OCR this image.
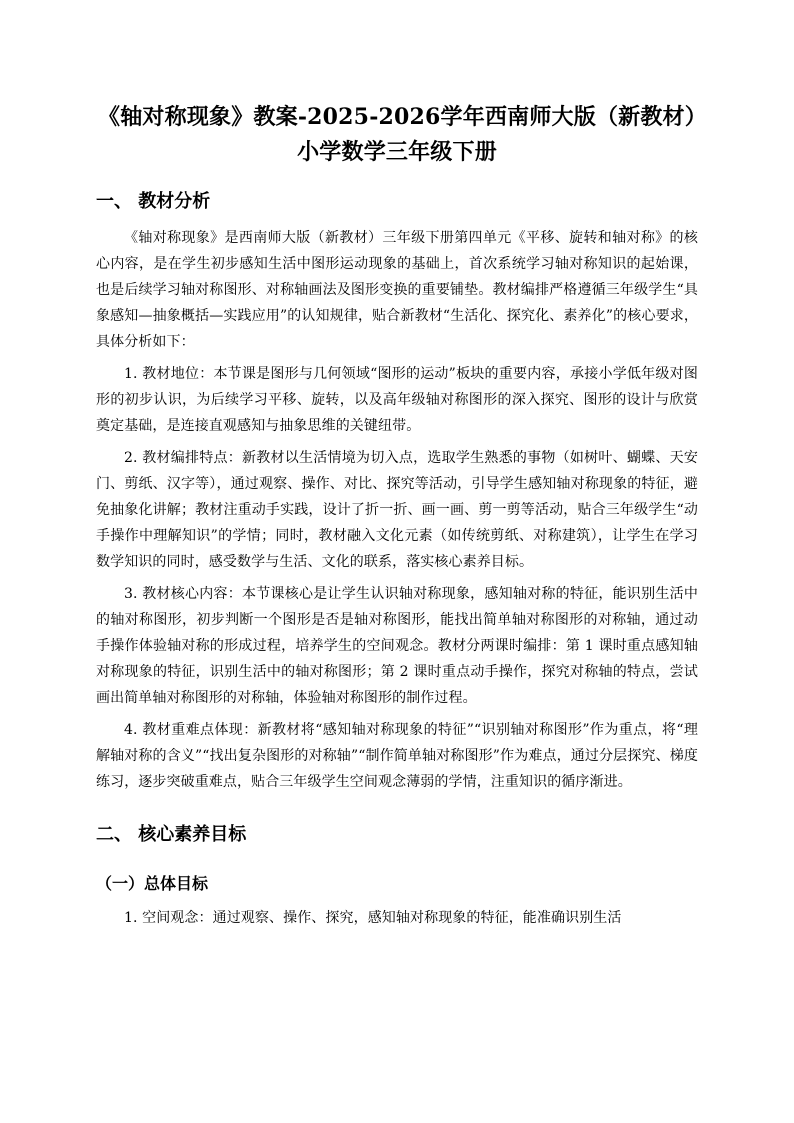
《轴对称现象》教案-2025-2026学年西南师大版（新教材）小学数学三年级下册
一、 教材分析

《轴对称现象》是西南师大版（新教材）三年级下册第四单元《平移、旋转和轴对称》的核心内容，是在学生初步感知生活中图形运动现象的基础上，首次系统学习轴对称知识的起始课，也是后续学习轴对称图形、对称轴画法及图形变换的重要铺垫。教材编排严格遵循三年级学生“具象感知—抽象概括—实践应用”的认知规律，贴合新教材“生活化、探究化、素养化”的核心要求，具体分析如下：

1. 教材地位：本节课是图形与几何领域“图形的运动”板块的重要内容，承接小学低年级对图形的初步认识，为后续学习平移、旋转，以及高年级轴对称图形的深入探究、图形的设计与欣赏奠定基础，是连接直观感知与抽象思维的关键纽带。

2. 教材编排特点：新教材以生活情境为切入点，选取学生熟悉的事物（如树叶、蝴蝶、天安门、剪纸、汉字等），通过观察、操作、对比、探究等活动，引导学生感知轴对称现象的特征，避免抽象化讲解；教材注重动手实践，设计了折一折、画一画、剪一剪等活动，贴合三年级学生“动手操作中理解知识”的学情；同时，教材融入文化元素（如传统剪纸、对称建筑），让学生在学习数学知识的同时，感受数学与生活、文化的联系，落实核心素养目标。

3. 教材核心内容：本节课核心是让学生认识轴对称现象，感知轴对称的特征，能识别生活中的轴对称图形，初步判断一个图形是否是轴对称图形，能找出简单轴对称图形的对称轴，通过动手操作体验轴对称的形成过程，培养学生的空间观念。教材分两课时编排：第 1 课时重点感知轴对称现象的特征，识别生活中的轴对称图形；第 2 课时重点动手操作，探究对称轴的特点，尝试画出简单轴对称图形的对称轴，体验轴对称图形的制作过程。

4. 教材重难点体现：新教材将“感知轴对称现象的特征”“识别轴对称图形”作为重点，将“理解轴对称的含义”“找出复杂图形的对称轴”“制作简单轴对称图形”作为难点，通过分层探究、梯度练习，逐步突破重难点，贴合三年级学生空间观念薄弱的学情，注重知识的循序渐进。

二、 核心素养目标
（一）总体目标

1. 空间观念：通过观察、操作、探究，感知轴对称现象的特征，能准确识别生活
